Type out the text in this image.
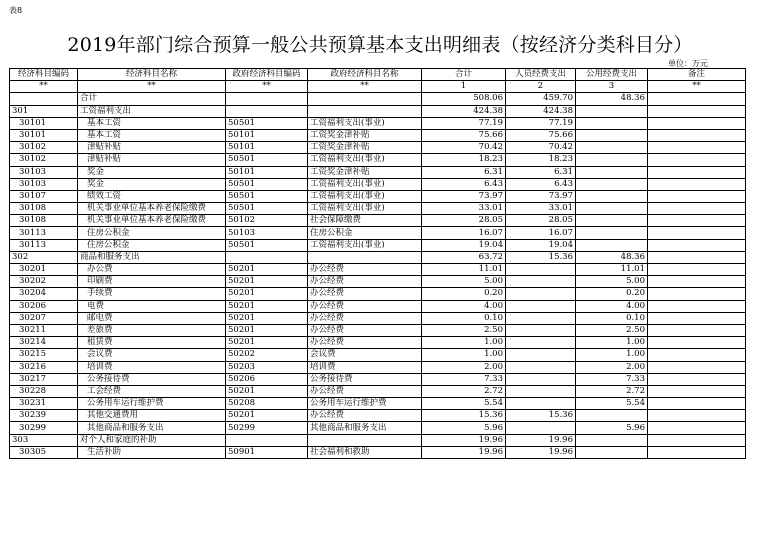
表8
2019年部门综合预算一般公共预算基本支出明细表（按经济分类科目分）
单位：万元
经济科目编码	经济科目名称	政府经济科目编码	政府经济科目名称	合计	人员经费支出	公用经费支出	备注
**	**	**	**	1	2	3	**
	合计			508.06	459.70	48.36	
301	工资福利支出			424.38	424.38		
30101	基本工资	50501	工资福利支出(事业)	77.19	77.19		
30101	基本工资	50101	工资奖金津补贴	75.66	75.66		
30102	津贴补贴	50101	工资奖金津补贴	70.42	70.42		
30102	津贴补贴	50501	工资福利支出(事业)	18.23	18.23		
30103	奖金	50101	工资奖金津补贴	6.31	6.31		
30103	奖金	50501	工资福利支出(事业)	6.43	6.43		
30107	绩效工资	50501	工资福利支出(事业)	73.97	73.97		
30108	机关事业单位基本养老保险缴费	50501	工资福利支出(事业)	33.01	33.01		
30108	机关事业单位基本养老保险缴费	50102	社会保障缴费	28.05	28.05		
30113	住房公积金	50103	住房公积金	16.07	16.07		
30113	住房公积金	50501	工资福利支出(事业)	19.04	19.04		
302	商品和服务支出			63.72	15.36	48.36	
30201	办公费	50201	办公经费	11.01		11.01	
30202	印刷费	50201	办公经费	5.00		5.00	
30204	手续费	50201	办公经费	0.20		0.20	
30206	电费	50201	办公经费	4.00		4.00	
30207	邮电费	50201	办公经费	0.10		0.10	
30211	差旅费	50201	办公经费	2.50		2.50	
30214	租赁费	50201	办公经费	1.00		1.00	
30215	会议费	50202	会议费	1.00		1.00	
30216	培训费	50203	培训费	2.00		2.00	
30217	公务接待费	50206	公务接待费	7.33		7.33	
30228	工会经费	50201	办公经费	2.72		2.72	
30231	公务用车运行维护费	50208	公务用车运行维护费	5.54		5.54	
30239	其他交通费用	50201	办公经费	15.36	15.36		
30299	其他商品和服务支出	50299	其他商品和服务支出	5.96		5.96	
303	对个人和家庭的补助			19.96	19.96		
30305	生活补助	50901	社会福利和救助	19.96	19.96		
